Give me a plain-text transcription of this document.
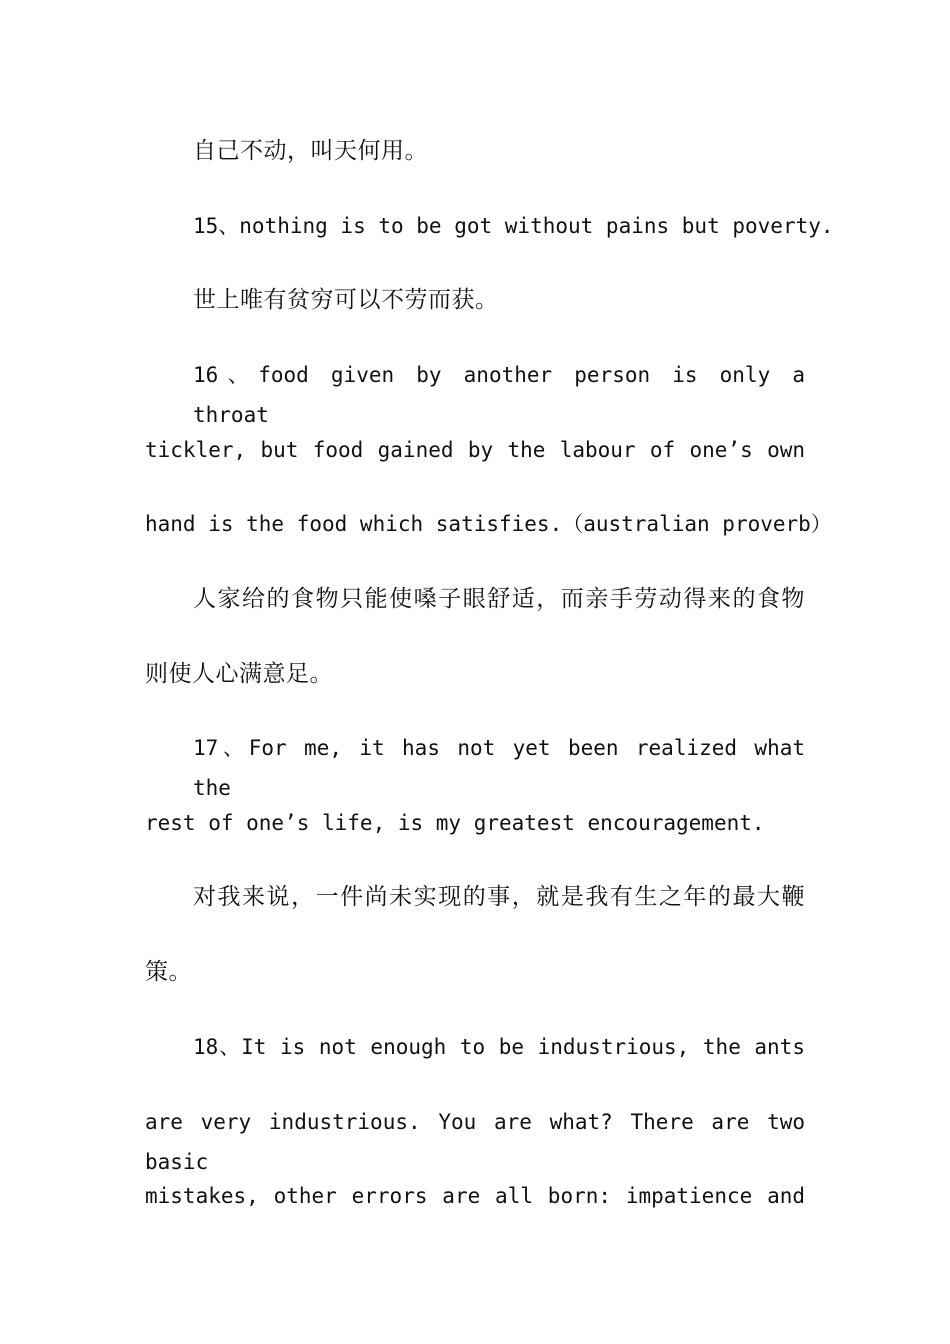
自己不动，叫天何用。
15、nothing is to be got without pains but poverty.
世上唯有贫穷可以不劳而获。
16、food given by another person is only a throat
tickler, but food gained by the labour of one’s own
hand is the food which satisfies.（australian proverb）
人家给的食物只能使嗓子眼舒适，而亲手劳动得来的食物
则使人心满意足。
17、For me, it has not yet been realized what the
rest of one’s life, is my greatest encouragement.
对我来说，一件尚未实现的事，就是我有生之年的最大鞭
策。
18、It is not enough to be industrious, the ants
are very industrious. You are what? There are two basic
mistakes, other errors are all born: impatience and
